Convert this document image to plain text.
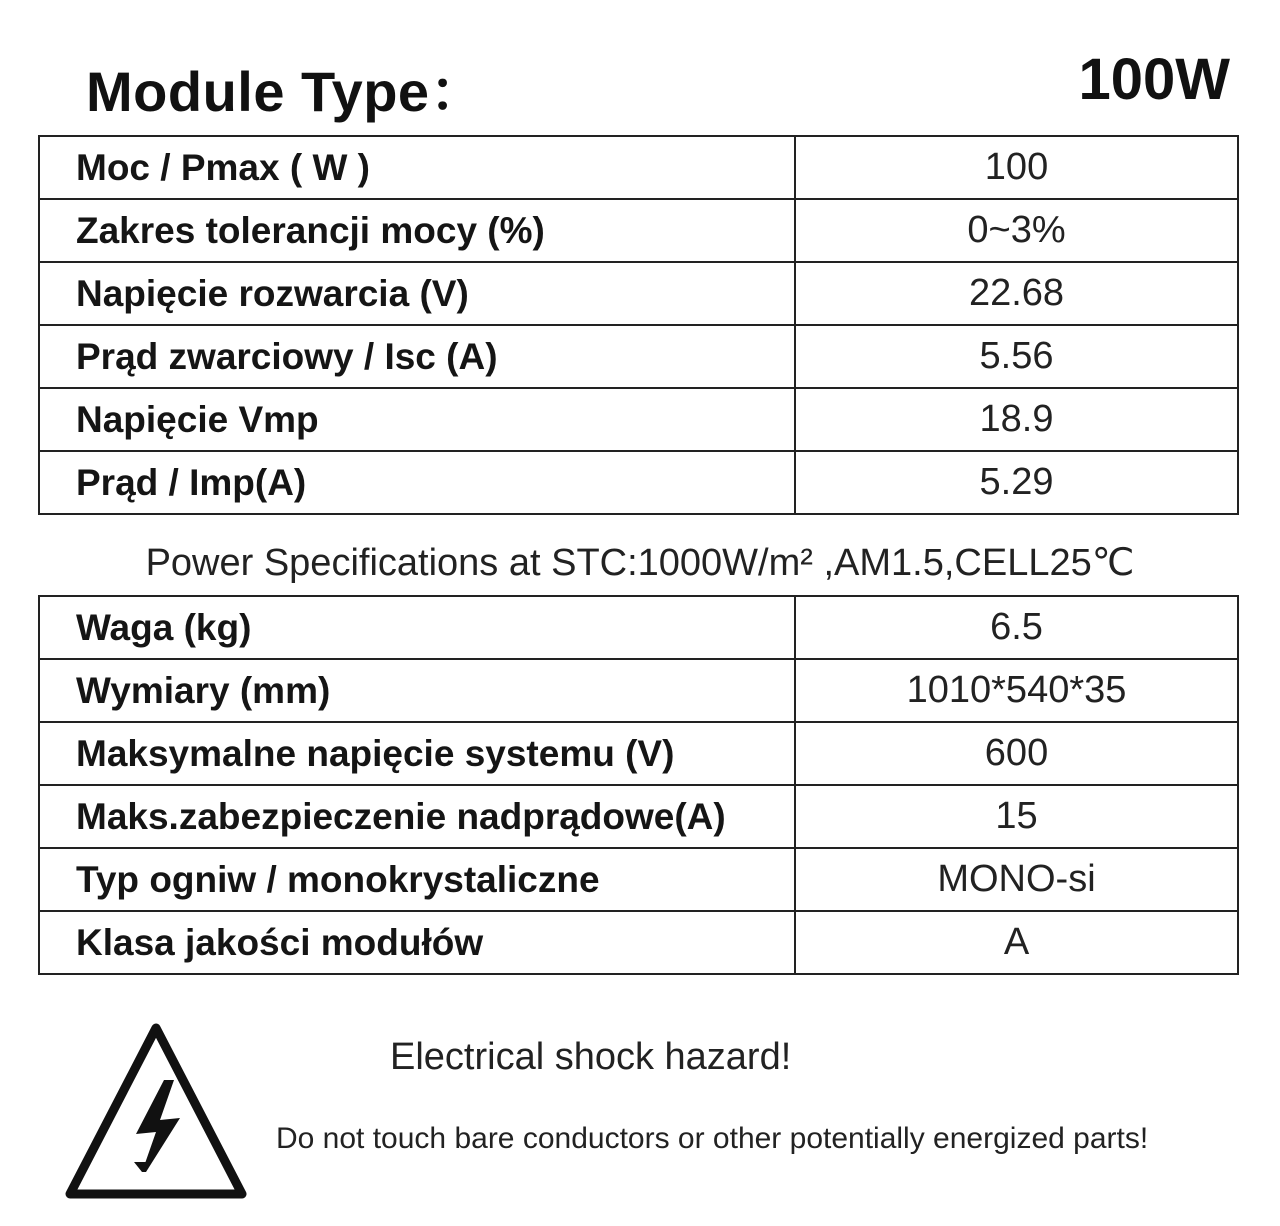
Module Type：	100W
Moc / Pmax ( W )	100
Zakres tolerancji mocy (%)	0~3%
Napięcie rozwarcia (V)	22.68
Prąd zwarciowy / Isc (A)	5.56
Napięcie Vmp	18.9
Prąd / Imp(A)	5.29
Power Specifications at STC:1000W/m² ,AM1.5,CELL25℃
Waga (kg)	6.5
Wymiary (mm)	1010*540*35
Maksymalne napięcie systemu (V)	600
Maks.zabezpieczenie nadprądowe(A)	15
Typ ogniw / monokrystaliczne	MONO-si
Klasa jakości modułów	A
Electrical shock hazard!
Do not touch bare conductors or other potentially energized parts!
